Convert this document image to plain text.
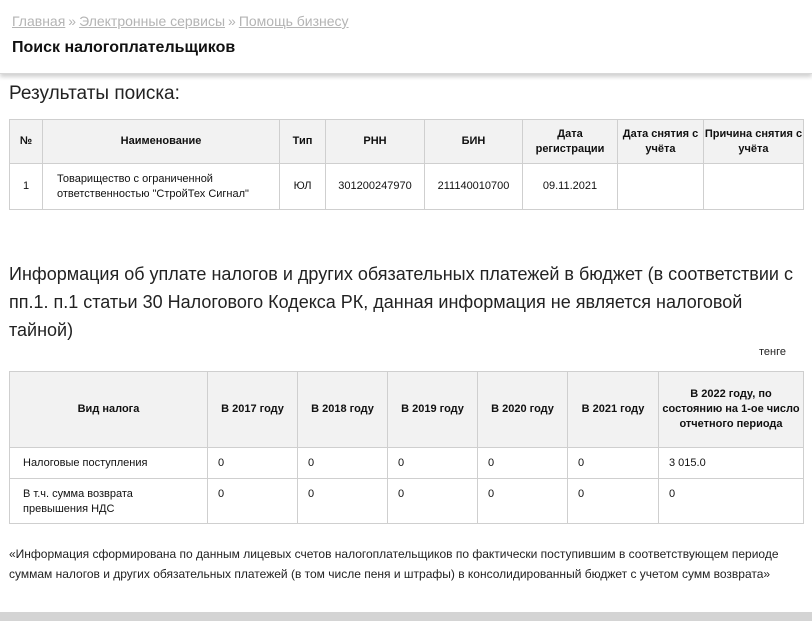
Главная » Электронные сервисы » Помощь бизнесу
Поиск налогоплательщиков
Результаты поиска:
№	Наименование	Тип	РНН	БИН	Дата регистрации	Дата снятия с учёта	Причина снятия с учёта
1	Товарищество с ограниченной ответственностью "СтройТех Сигнал"	ЮЛ	301200247970	211140010700	09.11.2021		
Информация об уплате налогов и других обязательных платежей в бюджет (в соответствии с пп.1. п.1 статьи 30 Налогового Кодекса РК, данная информация не является налоговой тайной)
тенге
Вид налога	В 2017 году	В 2018 году	В 2019 году	В 2020 году	В 2021 году	В 2022 году, по состоянию на 1-ое число отчетного периода
Налоговые поступления	0	0	0	0	0	3 015.0
В т.ч. сумма возврата превышения НДС	0	0	0	0	0	0
«Информация сформирована по данным лицевых счетов налогоплательщиков по фактически поступившим в соответствующем периоде суммам налогов и других обязательных платежей (в том числе пеня и штрафы) в консолидированный бюджет с учетом сумм возврата»
